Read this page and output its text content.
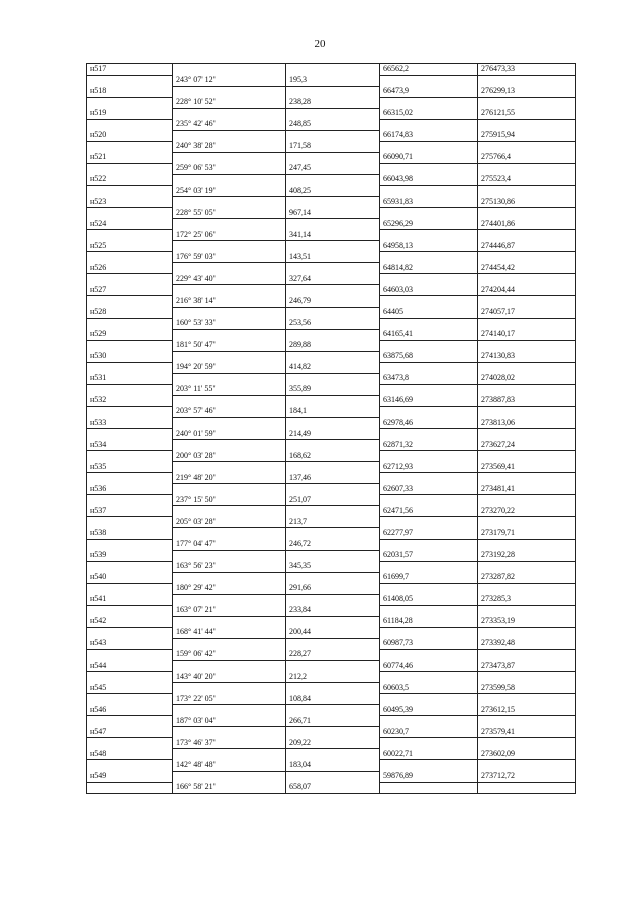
20
н517			66562,2	276473,33
	243° 07' 12"	195,3		
н518			66473,9	276299,13
	228° 10' 52"	238,28		
н519			66315,02	276121,55
	235° 42' 46"	248,85		
н520			66174,83	275915,94
	240° 38' 28"	171,58		
н521			66090,71	275766,4
	259° 06' 53"	247,45		
н522			66043,98	275523,4
	254° 03' 19"	408,25		
н523			65931,83	275130,86
	228° 55' 05"	967,14		
н524			65296,29	274401,86
	172° 25' 06"	341,14		
н525			64958,13	274446,87
	176° 59' 03"	143,51		
н526			64814,82	274454,42
	229° 43' 40"	327,64		
н527			64603,03	274204,44
	216° 38' 14"	246,79		
н528			64405	274057,17
	160° 53' 33"	253,56		
н529			64165,41	274140,17
	181° 50' 47"	289,88		
н530			63875,68	274130,83
	194° 20' 59"	414,82		
н531			63473,8	274028,02
	203° 11' 55"	355,89		
н532			63146,69	273887,83
	203° 57' 46"	184,1		
н533			62978,46	273813,06
	240° 01' 59"	214,49		
н534			62871,32	273627,24
	200° 03' 28"	168,62		
н535			62712,93	273569,41
	219° 48' 20"	137,46		
н536			62607,33	273481,41
	237° 15' 50"	251,07		
н537			62471,56	273270,22
	205° 03' 28"	213,7		
н538			62277,97	273179,71
	177° 04' 47"	246,72		
н539			62031,57	273192,28
	163° 56' 23"	345,35		
н540			61699,7	273287,82
	180° 29' 42"	291,66		
н541			61408,05	273285,3
	163° 07' 21"	233,84		
н542			61184,28	273353,19
	168° 41' 44"	200,44		
н543			60987,73	273392,48
	159° 06' 42"	228,27		
н544			60774,46	273473,87
	143° 40' 20"	212,2		
н545			60603,5	273599,58
	173° 22' 05"	108,84		
н546			60495,39	273612,15
	187° 03' 04"	266,71		
н547			60230,7	273579,41
	173° 46' 37"	209,22		
н548			60022,71	273602,09
	142° 48' 48"	183,04		
н549			59876,89	273712,72
	166° 58' 21"	658,07		
